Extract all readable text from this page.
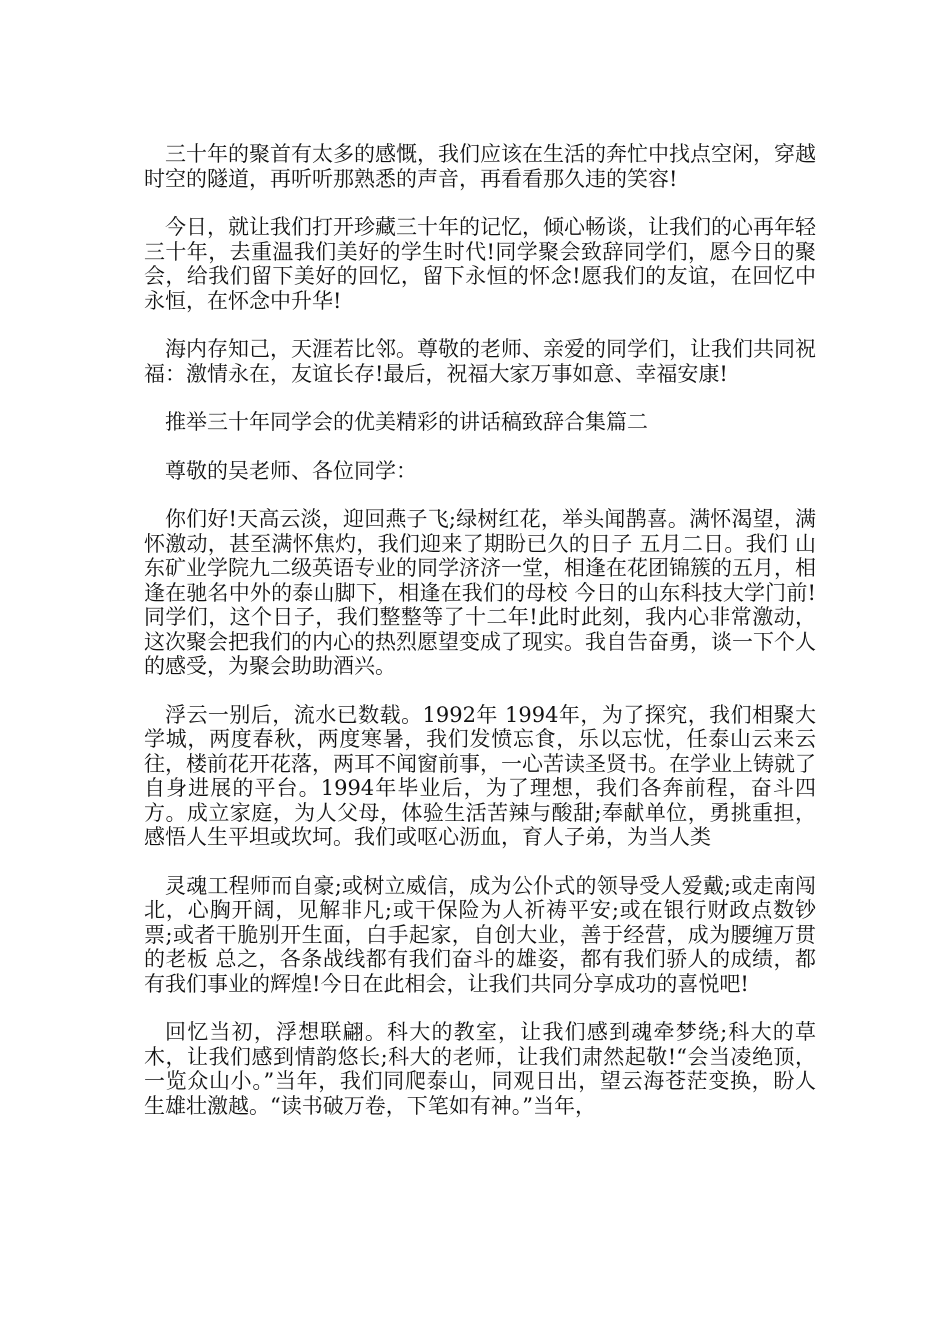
三十年的聚首有太多的感慨，我们应该在生活的奔忙中找点空闲，穿越时空的隧道，再听听那熟悉的声音，再看看那久违的笑容!

今日，就让我们打开珍藏三十年的记忆，倾心畅谈，让我们的心再年轻三十年，去重温我们美好的学生时代!同学聚会致辞同学们，愿今日的聚会，给我们留下美好的回忆，留下永恒的怀念!愿我们的友谊，在回忆中永恒，在怀念中升华!

海内存知己，天涯若比邻。尊敬的老师、亲爱的同学们，让我们共同祝福：激情永在，友谊长存!最后，祝福大家万事如意、幸福安康!

推举三十年同学会的优美精彩的讲话稿致辞合集篇二

尊敬的吴老师、各位同学：

你们好!天高云淡，迎回燕子飞;绿树红花，举头闻鹊喜。满怀渴望，满怀激动，甚至满怀焦灼，我们迎来了期盼已久的日子 五月二日。我们 山东矿业学院九二级英语专业的同学济济一堂，相逢在花团锦簇的五月，相逢在驰名中外的泰山脚下，相逢在我们的母校 今日的山东科技大学门前!同学们，这个日子，我们整整等了十二年!此时此刻，我内心非常激动，这次聚会把我们的内心的热烈愿望变成了现实。我自告奋勇，谈一下个人的感受，为聚会助助酒兴。

浮云一别后，流水已数载。1992年 1994年，为了探究，我们相聚大学城，两度春秋，两度寒暑，我们发愤忘食，乐以忘忧，任泰山云来云往，楼前花开花落，两耳不闻窗前事，一心苦读圣贤书。在学业上铸就了自身进展的平台。1994年毕业后，为了理想，我们各奔前程，奋斗四方。成立家庭，为人父母，体验生活苦辣与酸甜;奉献单位，勇挑重担，感悟人生平坦或坎坷。我们或呕心沥血，育人子弟，为当人类

灵魂工程师而自豪;或树立威信，成为公仆式的领导受人爱戴;或走南闯北，心胸开阔，见解非凡;或干保险为人祈祷平安;或在银行财政点数钞票;或者干脆别开生面，白手起家，自创大业，善于经营，成为腰缠万贯的老板 总之，各条战线都有我们奋斗的雄姿，都有我们骄人的成绩，都有我们事业的辉煌!今日在此相会，让我们共同分享成功的喜悦吧!

回忆当初，浮想联翩。科大的教室，让我们感到魂牵梦绕;科大的草木，让我们感到情韵悠长;科大的老师，让我们肃然起敬!“会当凌绝顶，一览众山小。”当年，我们同爬泰山，同观日出，望云海苍茫变换，盼人生雄壮激越。“读书破万卷，下笔如有神。”当年，
